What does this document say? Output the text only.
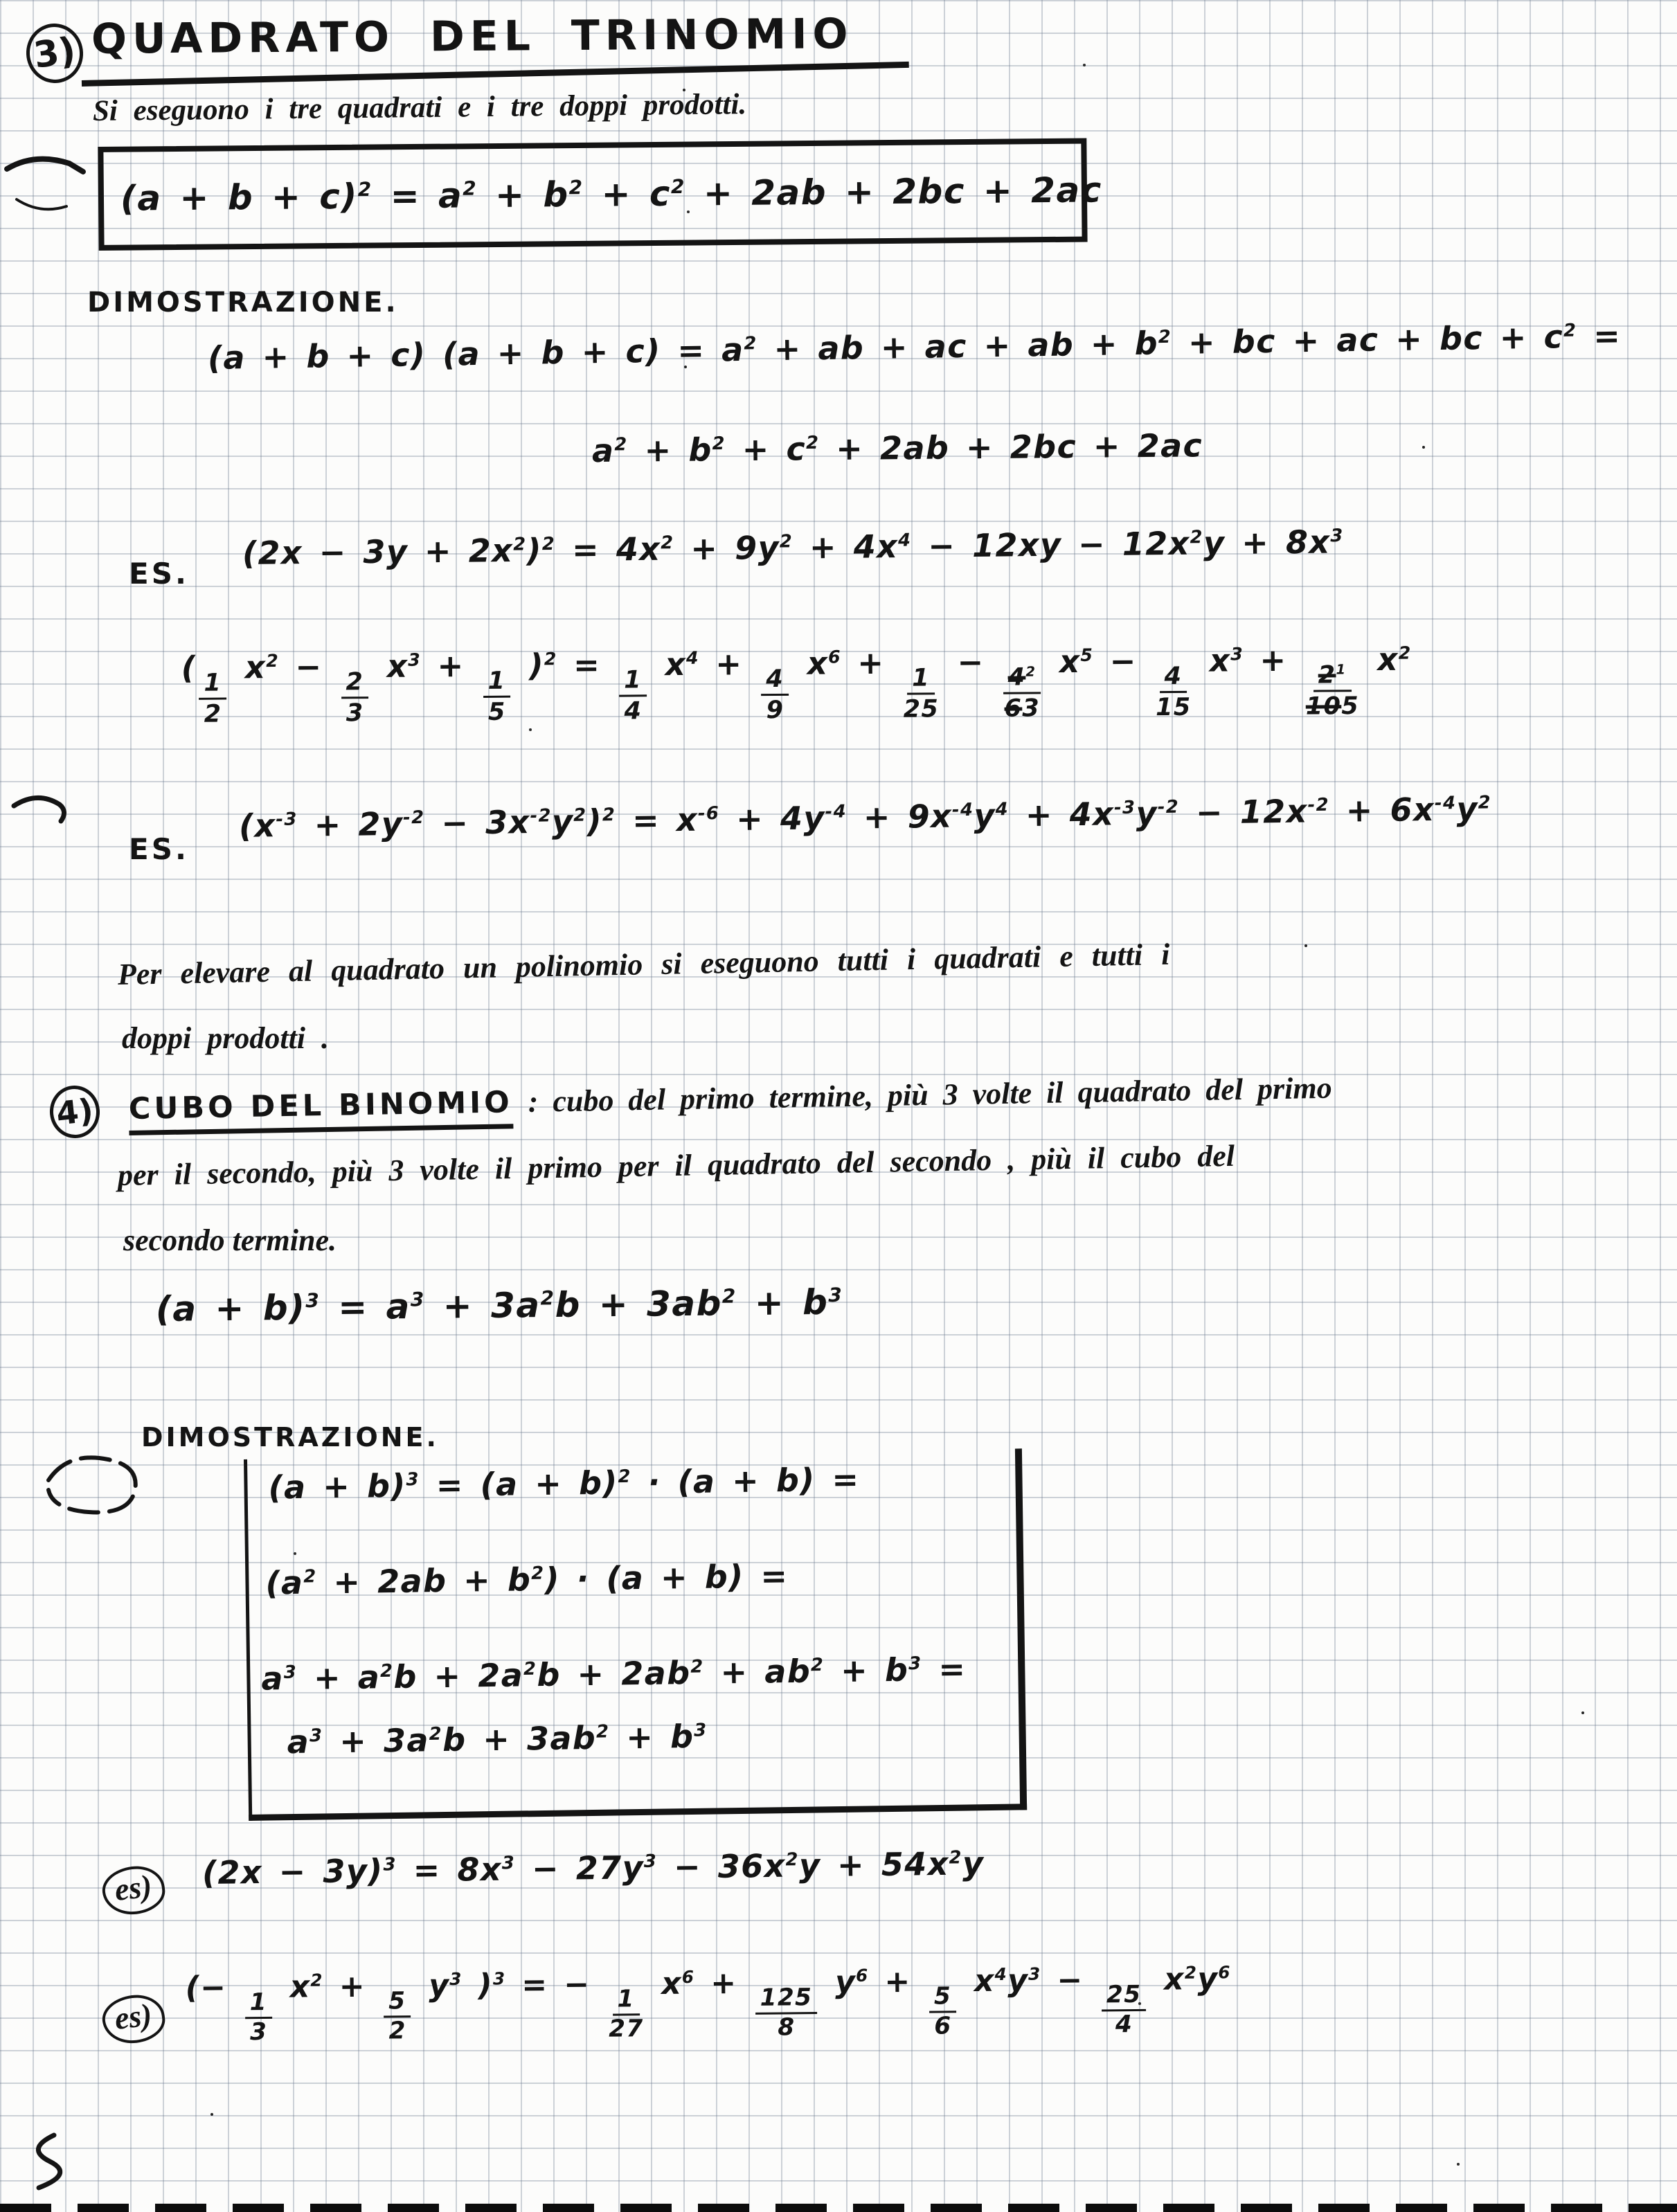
3) QUADRATO DEL TRINOMIO

Si eseguono i tre quadrati e i tre doppi prodotti.

$(a + b + c)^2 = a^2 + b^2 + c^2 + 2ab + 2bc + 2ac$
DIMOSTRAZIONE.
(a + b + c) $(a + b + c) = a^2$ + ab + ac + ab + $b^2$ + bc + ac + bc + $c^2$ =
$a^2 + b^2 + c^2 + 2ab + 2bc + 2ac$
ES.
$(2x - 3y + 2x^2)^2 = 4x^2 + 9y^2 + 4x^4 - 12xy - 12x^2y + 8x^3$
(
$\frac{1}{2}$
$x^2$ −
$\frac{2}{3}$
$x^3$ +
$\frac{1}{5}$
)$^2$ =
$\frac{1}{4}$
$x^4$ +
$\frac{4}{9}$
$x^6$ +
$\frac{1}{25}$
−
$\frac{4^2}{63}$
$x^5$ −
$\frac{4}{15}$
$x^3$ +
$\frac{2^1}{105}$
$x^2$
ES.
$(x^{-3} + 2y^{-2} - 3x^{-2}y^2)^2 = x^{-6} + 4y^{-4} + 9x^{-4}y^4 + 4x^{-3}y^{-2} - 12x^{-2} + 6x^{-4}y^2$

Per elevare al quadrato un polinomio si eseguono tutti i quadrati e tutti i

doppi prodotti .

4) CUBO DEL BINOMIO : cubo del primo termine, più 3 volte il quadrato del primo

per il secondo, più 3 volte il primo per il quadrato del secondo , più il cubo del

secondo termine.

$(a + b)^3 = a^3 + 3a^2b + 3ab^2 + b^3$
DIMOSTRAZIONE.
$(a + b)^3 = (a + b)^2 \cdot (a + b)$ =
$(a^2 + 2ab + b^2) \cdot (a + b)$ =
$a^3 + a^2b + 2a^2b + 2ab^2 + ab^2 + b^3$ =
$a^3 + 3a^2b + 3ab^2 + b^3$
es)	$(2x - 3y)^3 = 8x^3 - 27y^3 - 36x^2y + 54x^2y$
es)
(−
$\frac{1}{3}$
$x^2$ +
$\frac{5}{2}$
$y^3$ )$^3$ = −
$\frac{1}{27}$
$x^6$ +
$\frac{125}{8}$
$y^6$ +
$\frac{5}{6}$
$x^4y^3$ −
$\frac{25}{4}$
$x^2y^6$
